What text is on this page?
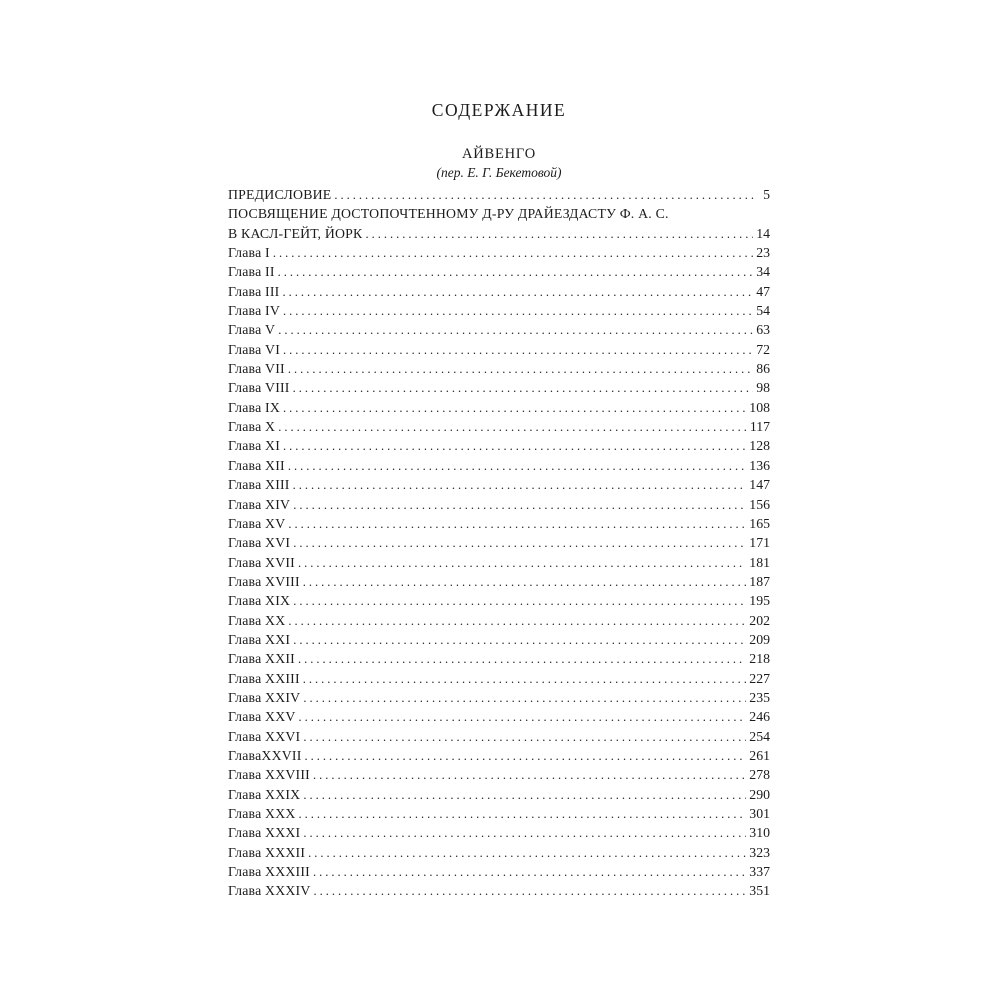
СОДЕРЖАНИЕ
АЙВЕНГО
(пер. Е. Г. Бекетовой)
ПРЕДИСЛОВИЕ .....	5
ПОСВЯЩЕНИЕ ДОСТОПОЧТЕННОМУ Д-РУ ДРАЙЕЗДАСТУ Ф. А. С.
В КАСЛ-ГЕЙТ, ЙОРК .....	14
Глава I .....	23
Глава II .....	34
Глава III .....	47
Глава IV .....	54
Глава V .....	63
Глава VI .....	72
Глава VII .....	86
Глава VIII .....	98
Глава IX .....	108
Глава X .....	117
Глава XI .....	128
Глава XII .....	136
Глава XIII .....	147
Глава XIV .....	156
Глава XV .....	165
Глава XVI .....	171
Глава XVII .....	181
Глава XVIII .....	187
Глава XIX .....	195
Глава XX .....	202
Глава XXI .....	209
Глава XXII .....	218
Глава XXIII .....	227
Глава XXIV .....	235
Глава XXV .....	246
Глава XXVI .....	254
ГлаваXXVII .....	261
Глава XXVIII .....	278
Глава XXIX .....	290
Глава XXX .....	301
Глава XXXI .....	310
Глава XXXII .....	323
Глава XXXIII .....	337
Глава XXXIV .....	351
